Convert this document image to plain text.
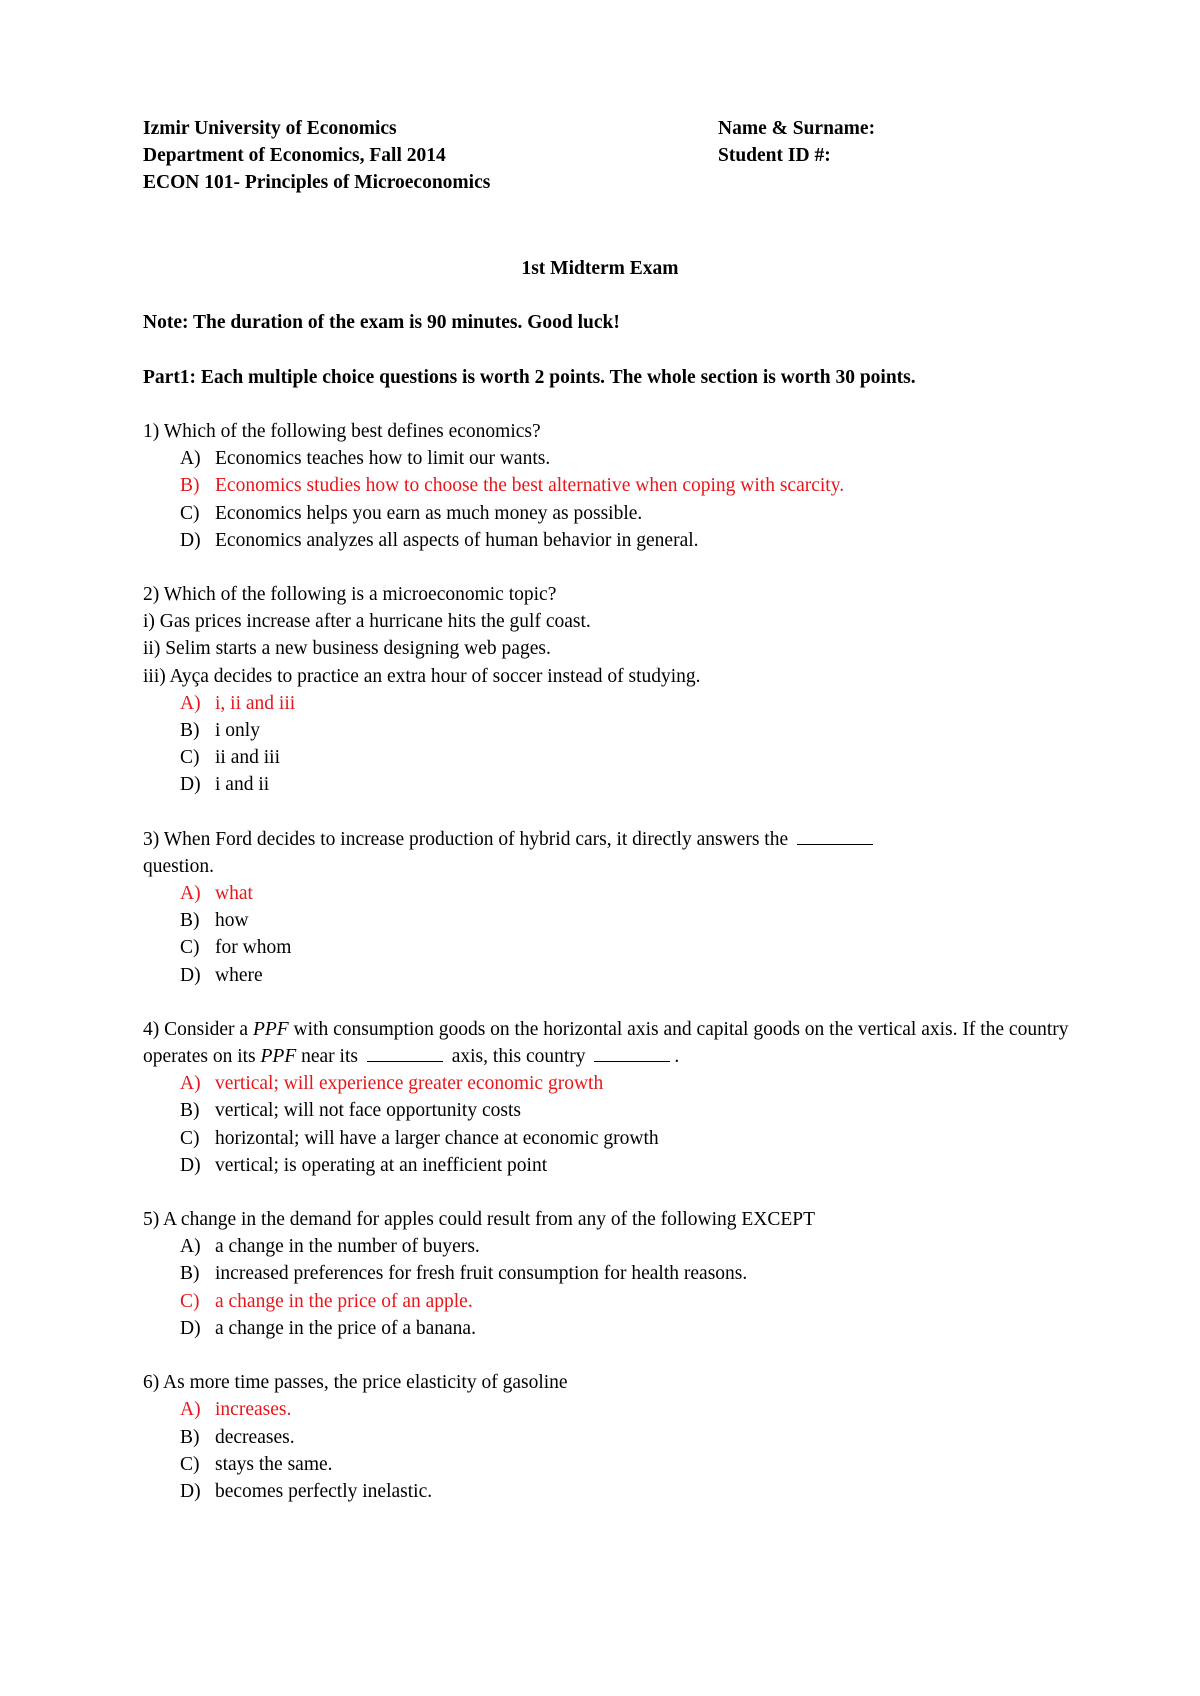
Izmir University of Economics
Department of Economics, Fall 2014
ECON 101- Principles of Microeconomics
Name & Surname:
Student ID #:
1st Midterm Exam
Note: The duration of the exam is 90 minutes. Good luck!
Part1: Each multiple choice questions is worth 2 points. The whole section is worth 30 points.
1) Which of the following best defines economics?
A) Economics teaches how to limit our wants.
B) Economics studies how to choose the best alternative when coping with scarcity.
C) Economics helps you earn as much money as possible.
D) Economics analyzes all aspects of human behavior in general.
2) Which of the following is a microeconomic topic?
i) Gas prices increase after a hurricane hits the gulf coast.
ii) Selim starts a new business designing web pages.
iii) Ayça decides to practice an extra hour of soccer instead of studying.
A) i, ii and iii
B) i only
C) ii and iii
D) i and ii
3) When Ford decides to increase production of hybrid cars, it directly answers the
question.
A) what
B) how
C) for whom
D) where
4) Consider a PPF with consumption goods on the horizontal axis and capital goods on the vertical axis. If the country operates on its PPF near its	axis, this country	.
A) vertical; will experience greater economic growth
B) vertical; will not face opportunity costs
C) horizontal; will have a larger chance at economic growth
D) vertical; is operating at an inefficient point
5) A change in the demand for apples could result from any of the following EXCEPT
A) a change in the number of buyers.
B) increased preferences for fresh fruit consumption for health reasons.
C) a change in the price of an apple.
D) a change in the price of a banana.
6) As more time passes, the price elasticity of gasoline
A) increases.
B) decreases.
C) stays the same.
D) becomes perfectly inelastic.
